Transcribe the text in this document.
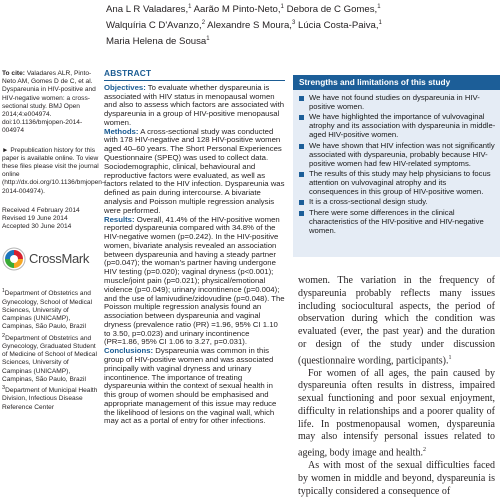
Ana L R Valadares,$^1$ Aarão M Pinto-Neto,$^1$ Debora de C Gomes,$^1$
Walquíria C D'Avanzo,$^2$ Alexandre S Moura,$^3$ Lúcia Costa-Paiva,$^1$
Maria Helena de Sousa$^1$

To cite: Valadares ALR, Pinto-Neto AM, Gomes D de C, et al. Dyspareunia in HIV-positive and HIV-negative women: a cross-sectional study. BMJ Open 2014;4:e004974. doi:10.1136/bmjopen-2014-004974

► Prepublication history for this paper is available online. To view these files please visit the journal online (http://dx.doi.org/10.1136/bmjopen-2014-004974).

Received 4 February 2014

Revised 19 June 2014

Accepted 30 June 2014

CrossMark

$^1$Department of Obstetrics and Gynecology, School of Medical Sciences, University of Campinas (UNICAMP), Campinas, São Paulo, Brazil

$^2$Department of Obstetrics and Gynecology, Graduated Student of Medicine of School of Medical Sciences, University of Campinas (UNICAMP), Campinas, São Paulo, Brazil

$^3$Department of Municipal Health Division, Infectious Disease Reference Center

ABSTRACT

Objectives: To evaluate whether dyspareunia is associated with HIV status in menopausal women and also to assess which factors are associated with dyspareunia in a group of HIV-positive menopausal women.

Methods: A cross-sectional study was conducted with 178 HIV-negative and 128 HIV-positive women aged 40–60 years. The Short Personal Experiences Questionnaire (SPEQ) was used to collect data. Sociodemographic, clinical, behavioural and reproductive factors were evaluated, as well as factors related to the HIV infection. Dyspareunia was defined as pain during intercourse. A bivariate analysis and Poisson multiple regression analysis were performed.

Results: Overall, 41.4% of the HIV-positive women reported dyspareunia compared with 34.8% of the HIV-negative women (p=0.242). In the HIV-positive women, bivariate analysis revealed an association between dyspareunia and having a steady partner (p=0.047); the woman's partner having undergone HIV testing (p=0.020); vaginal dryness (p<0.001); muscle/joint pain (p=0.021); physical/emotional violence (p=0.049); urinary incontinence (p=0.004); and the use of lamivudine/zidovudine (p=0.048). The Poisson multiple regression analysis found an association between dyspareunia and vaginal dryness (prevalence ratio (PR) =1.96, 95% CI 1.10 to 3.50, p=0.023) and urinary incontinence (PR=1.86, 95% CI 1.06 to 3.27, p=0.031).

Conclusions: Dyspareunia was common in this group of HIV-positive women and was associated principally with vaginal dryness and urinary incontinence. The importance of treating dyspareunia within the context of sexual health in this group of women should be emphasised and appropriate management of this issue may reduce the likelihood of lesions on the vaginal wall, which may act as a portal of entry for other infections.

Strengths and limitations of this study
We have not found studies on dyspareunia in HIV-positive women.
We have highlighted the importance of vulvovaginal atrophy and its association with dyspareunia in middle-aged HIV-positive women.
We have shown that HIV infection was not significantly associated with dyspareunia, probably because HIV-positive women had few HIV-related symptoms.
The results of this study may help physicians to focus attention on vulvovaginal atrophy and its consequences in this group of HIV-positive women.
It is a cross-sectional design study.
There were some differences in the clinical characteristics of the HIV-positive and HIV-negative women.

women. The variation in the frequency of dyspareunia probably reflects many issues including sociocultural aspects, the period of observation during which the condition was evaluated (ever, the past year) and the duration or design of the study under discussion (questionnaire wording, participants).$^1$

For women of all ages, the pain caused by dyspareunia often results in distress, impaired sexual functioning and poor sexual enjoyment, difficulty in relationships and a poorer quality of life. In postmenopausal women, dyspareunia may also intensify personal issues related to ageing, body image and health.$^2$

As with most of the sexual difficulties faced by women in middle and beyond, dyspareunia is typically considered a consequence of
